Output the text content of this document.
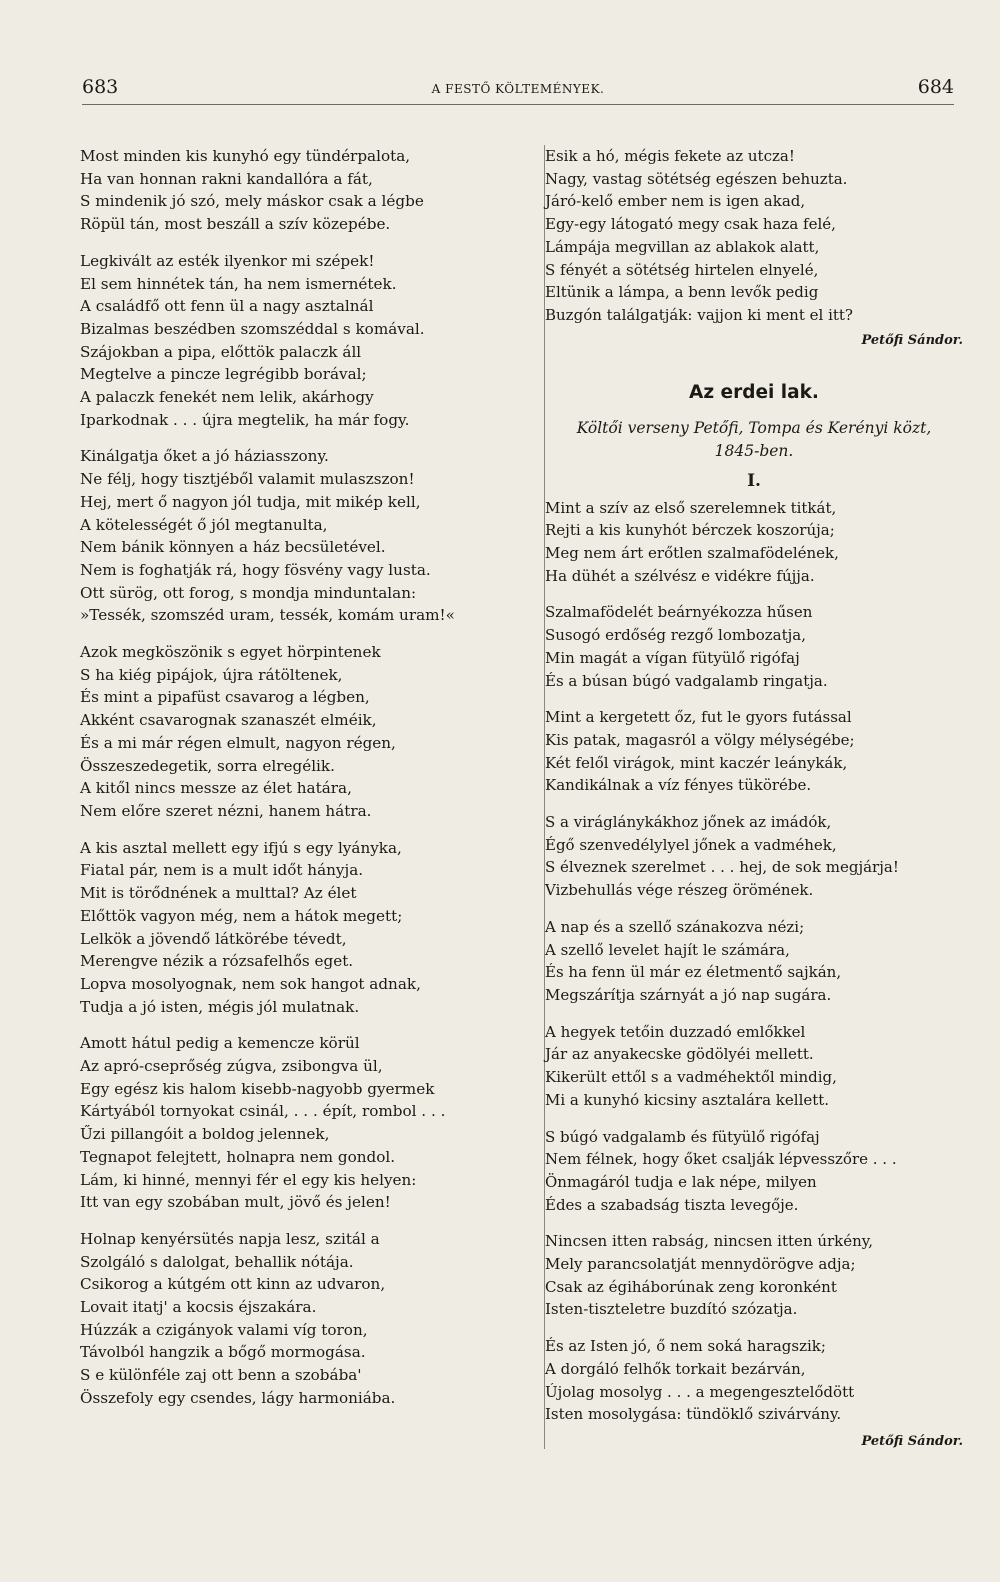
683	A FESTŐ KÖLTEMÉNYEK.	684
Most minden kis kunyhó egy tündérpalota,
Ha van honnan rakni kandallóra a fát,
S mindenik jó szó, mely máskor csak a légbe
Röpül tán, most beszáll a szív közepébe.
Legkivált az esték ilyenkor mi szépek!
El sem hinnétek tán, ha nem ismernétek.
A családfő ott fenn ül a nagy asztalnál
Bizalmas beszédben szomszéddal s komával.
Szájokban a pipa, előttök palaczk áll
Megtelve a pincze legrégibb borával;
A palaczk fenekét nem lelik, akárhogy
Iparkodnak . . . újra megtelik, ha már fogy.
Kinálgatja őket a jó háziasszony.
Ne félj, hogy tisztjéből valamit mulaszszon!
Hej, mert ő nagyon jól tudja, mit mikép kell,
A kötelességét ő jól megtanulta,
Nem bánik könnyen a ház becsületével.
Nem is foghatják rá, hogy fösvény vagy lusta.
Ott sürög, ott forog, s mondja minduntalan:
»Tessék, szomszéd uram, tessék, komám uram!«
Azok megköszönik s egyet hörpintenek
S ha kiég pipájok, újra rátöltenek,
És mint a pipafüst csavarog a légben,
Akként csavarognak szanaszét elméik,
És a mi már régen elmult, nagyon régen,
Összeszedegetik, sorra elregélik.
A kitől nincs messze az élet határa,
Nem előre szeret nézni, hanem hátra.
A kis asztal mellett egy ifjú s egy lyányka,
Fiatal pár, nem is a mult időt hányja.
Mit is törődnének a multtal? Az élet
Előttök vagyon még, nem a hátok megett;
Lelkök a jövendő látkörébe tévedt,
Merengve nézik a rózsafelhős eget.
Lopva mosolyognak, nem sok hangot adnak,
Tudja a jó isten, mégis jól mulatnak.
Amott hátul pedig a kemencze körül
Az apró-cseprőség zúgva, zsibongva ül,
Egy egész kis halom kisebb-nagyobb gyermek
Kártyából tornyokat csinál, . . . épít, rombol . . .
Űzi pillangóit a boldog jelennek,
Tegnapot felejtett, holnapra nem gondol.
Lám, ki hinné, mennyi fér el egy kis helyen:
Itt van egy szobában mult, jövő és jelen!
Holnap kenyérsütés napja lesz, szitál a
Szolgáló s dalolgat, behallik nótája.
Csikorog a kútgém ott kinn az udvaron,
Lovait itatj' a kocsis éjszakára.
Húzzák a czigányok valami víg toron,
Távolból hangzik a bőgő mormogása.
S e különféle zaj ott benn a szobába'
Összefoly egy csendes, lágy harmoniába.
Esik a hó, mégis fekete az utcza!
Nagy, vastag sötétség egészen behuzta.
Járó-kelő ember nem is igen akad,
Egy-egy látogató megy csak haza felé,
Lámpája megvillan az ablakok alatt,
S fényét a sötétség hirtelen elnyelé,
Eltünik a lámpa, a benn levők pedig
Buzgón találgatják: vajjon ki ment el itt?
Petőfi Sándor.
Az erdei lak.
Költői verseny Petőfi, Tompa és Kerényi közt,
1845-ben.
I.
Mint a szív az első szerelemnek titkát,
Rejti a kis kunyhót bérczek koszorúja;
Meg nem árt erőtlen szalmafödelének,
Ha dühét a szélvész e vidékre fújja.
Szalmafödelét beárnyékozza hűsen
Susogó erdőség rezgő lombozatja,
Min magát a vígan fütyülő rigófaj
És a búsan búgó vadgalamb ringatja.
Mint a kergetett őz, fut le gyors futással
Kis patak, magasról a völgy mélységébe;
Két felől virágok, mint kaczér leánykák,
Kandikálnak a víz fényes tükörébe.
S a viráglánykákhoz jőnek az imádók,
Égő szenvedélylyel jőnek a vadméhek,
S élveznek szerelmet . . . hej, de sok megjárja!
Vizbehullás vége részeg örömének.
A nap és a szellő szánakozva nézi;
A szellő levelet hajít le számára,
És ha fenn ül már ez életmentő sajkán,
Megszárítja szárnyát a jó nap sugára.
A hegyek tetőin duzzadó emlőkkel
Jár az anyakecske gödölyéi mellett.
Kikerült ettől s a vadméhektől mindig,
Mi a kunyhó kicsiny asztalára kellett.
S búgó vadgalamb és fütyülő rigófaj
Nem félnek, hogy őket csalják lépvesszőre . . .
Önmagáról tudja e lak népe, milyen
Édes a szabadság tiszta levegője.
Nincsen itten rabság, nincsen itten úrkény,
Mely parancsolatját mennydörögve adja;
Csak az égiháborúnak zeng koronként
Isten-tiszteletre buzdító szózatja.
És az Isten jó, ő nem soká haragszik;
A dorgáló felhők torkait bezárván,
Újolag mosolyg . . . a megengesztelődött
Isten mosolygása: tündöklő szivárvány.
Petőfi Sándor.
